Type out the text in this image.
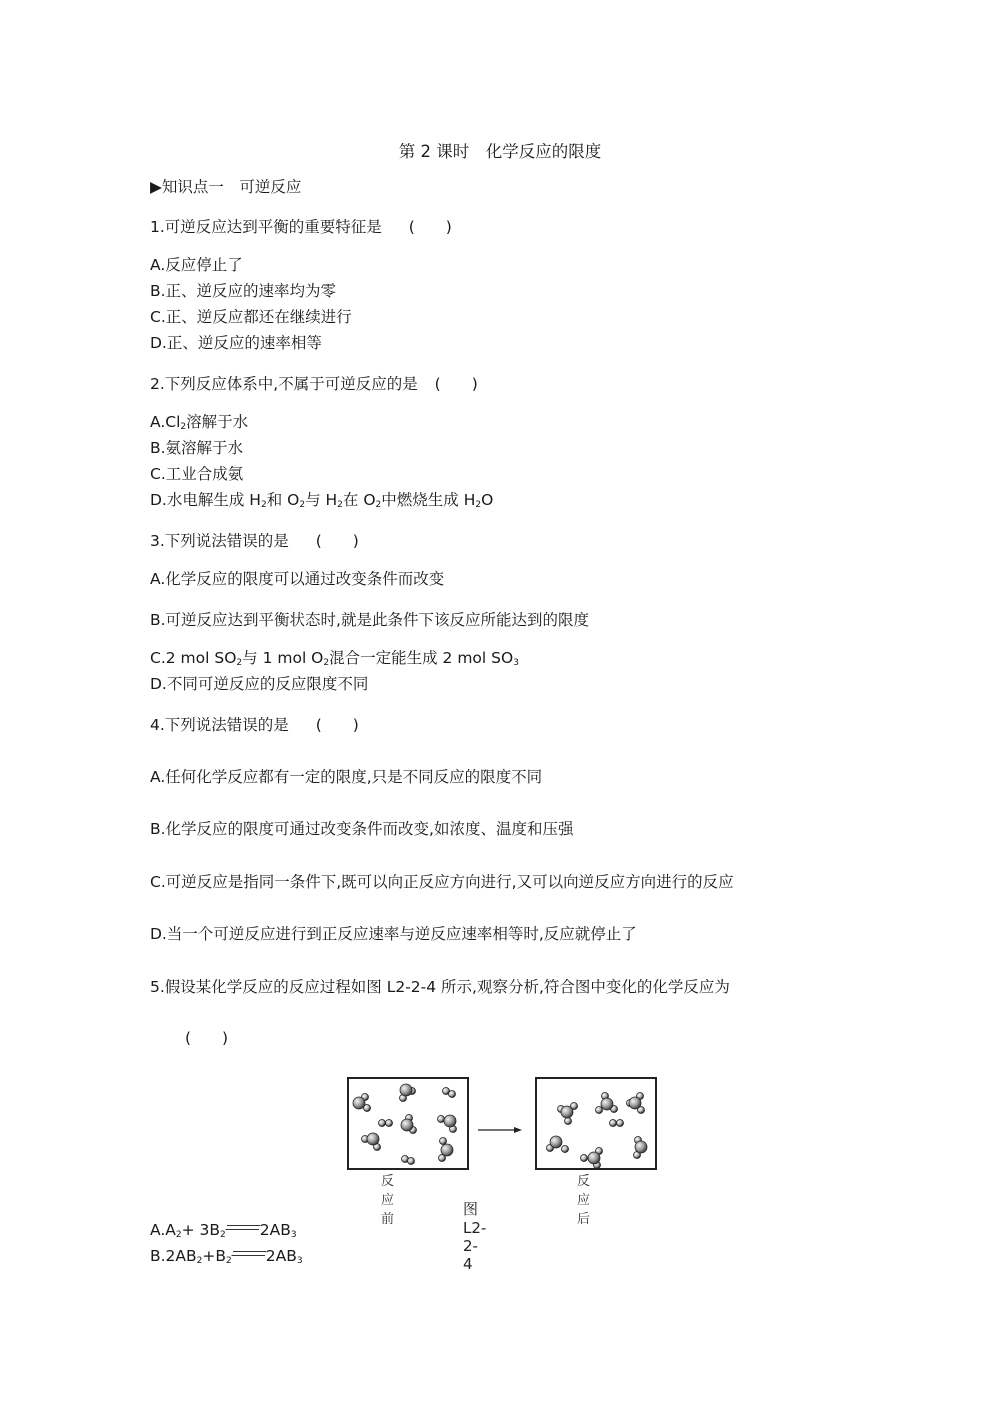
第 2 课时　化学反应的限度
▶知识点一　可逆反应
1.可逆反应达到平衡的重要特征是 (　　)
A.反应停止了
B.正、逆反应的速率均为零
C.正、逆反应都还在继续进行
D.正、逆反应的速率相等
2.下列反应体系中,不属于可逆反应的是 (　　)
$A.Cl_2$溶解于水
B.氨溶解于水
C.工业合成氨
D.水电解生成 $H_2$和 $O_2$与 $H_2$在 $O_2$中燃烧生成 $H_2O$
3.下列说法错误的是 (　　)
A.化学反应的限度可以通过改变条件而改变
B.可逆反应达到平衡状态时,就是此条件下该反应所能达到的限度
C.2 mol $SO_2$与 1 mol $O_2$混合一定能生成 2 mol $SO_3$
D.不同可逆反应的反应限度不同
4.下列说法错误的是 (　　)
A.任何化学反应都有一定的限度,只是不同反应的限度不同
B.化学反应的限度可通过改变条件而改变,如浓度、温度和压强
C.可逆反应是指同一条件下,既可以向正反应方向进行,又可以向逆反应方向进行的反应
D.当一个可逆反应进行到正反应速率与逆反应速率相等时,反应就停止了
5.假设某化学反应的反应过程如图 L2-2-4 所示,观察分析,符合图中变化的化学反应为
(　　)
反应前
反应后
图 L2-2-4
$A.A_2+ 3B_2$ $2AB_3$
$B.2AB_2+B_2$ $2AB_3$
